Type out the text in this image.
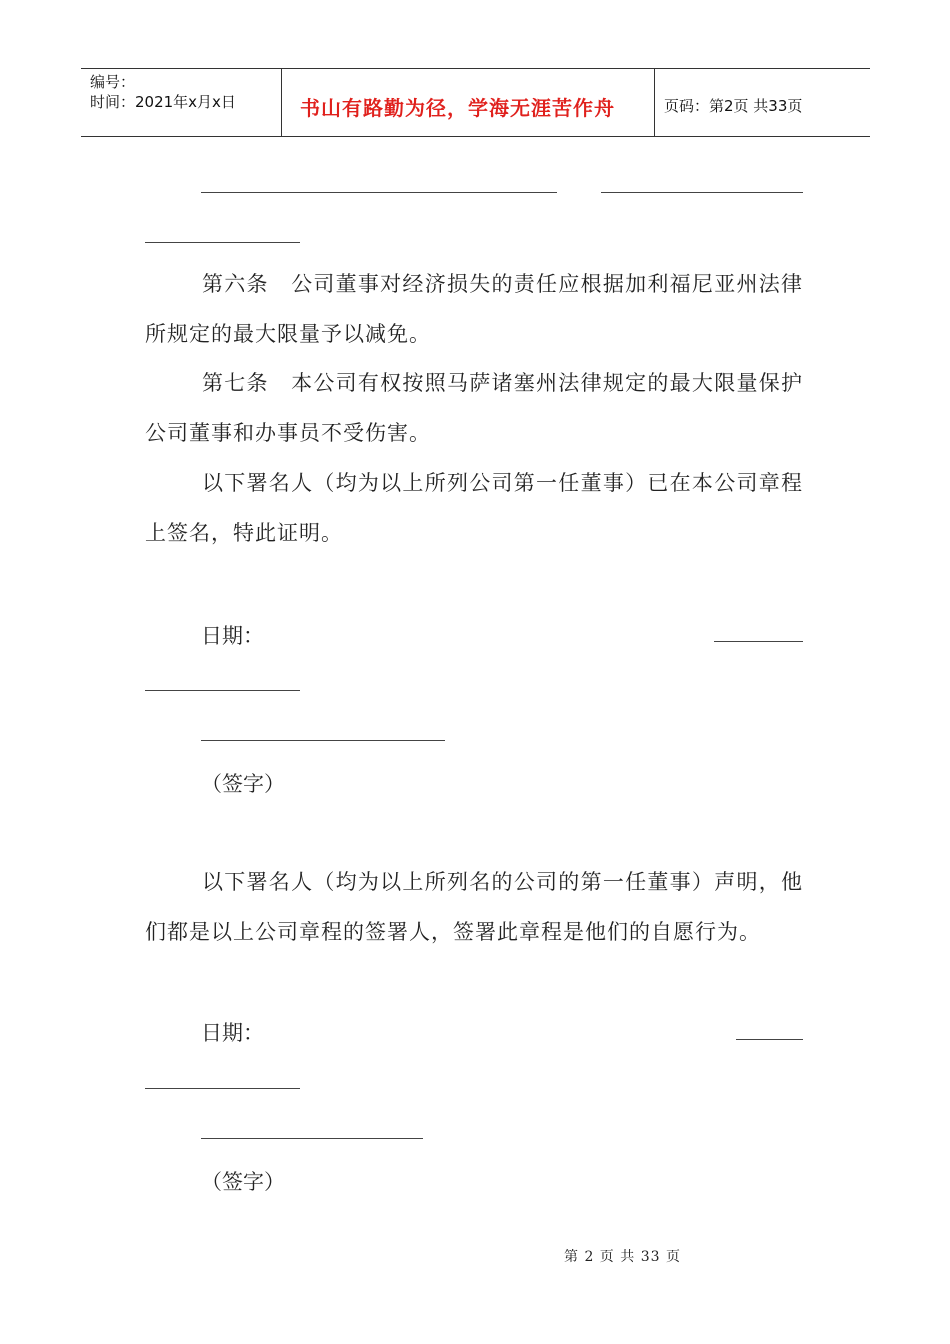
编号：
时间：2021年x月x日	书山有路勤为径，学海无涯苦作舟	页码：第2页 共33页
第六条　公司董事对经济损失的责任应根据加利福尼亚州法律所规定的最大限量予以减免。
第七条　本公司有权按照马萨诸塞州法律规定的最大限量保护公司董事和办事员不受伤害。
以下署名人（均为以上所列公司第一任董事）已在本公司章程上签名，特此证明。
日期：
（签字）
以下署名人（均为以上所列名的公司的第一任董事）声明，他们都是以上公司章程的签署人，签署此章程是他们的自愿行为。
日期：
（签字）
第 2 页 共 33 页
